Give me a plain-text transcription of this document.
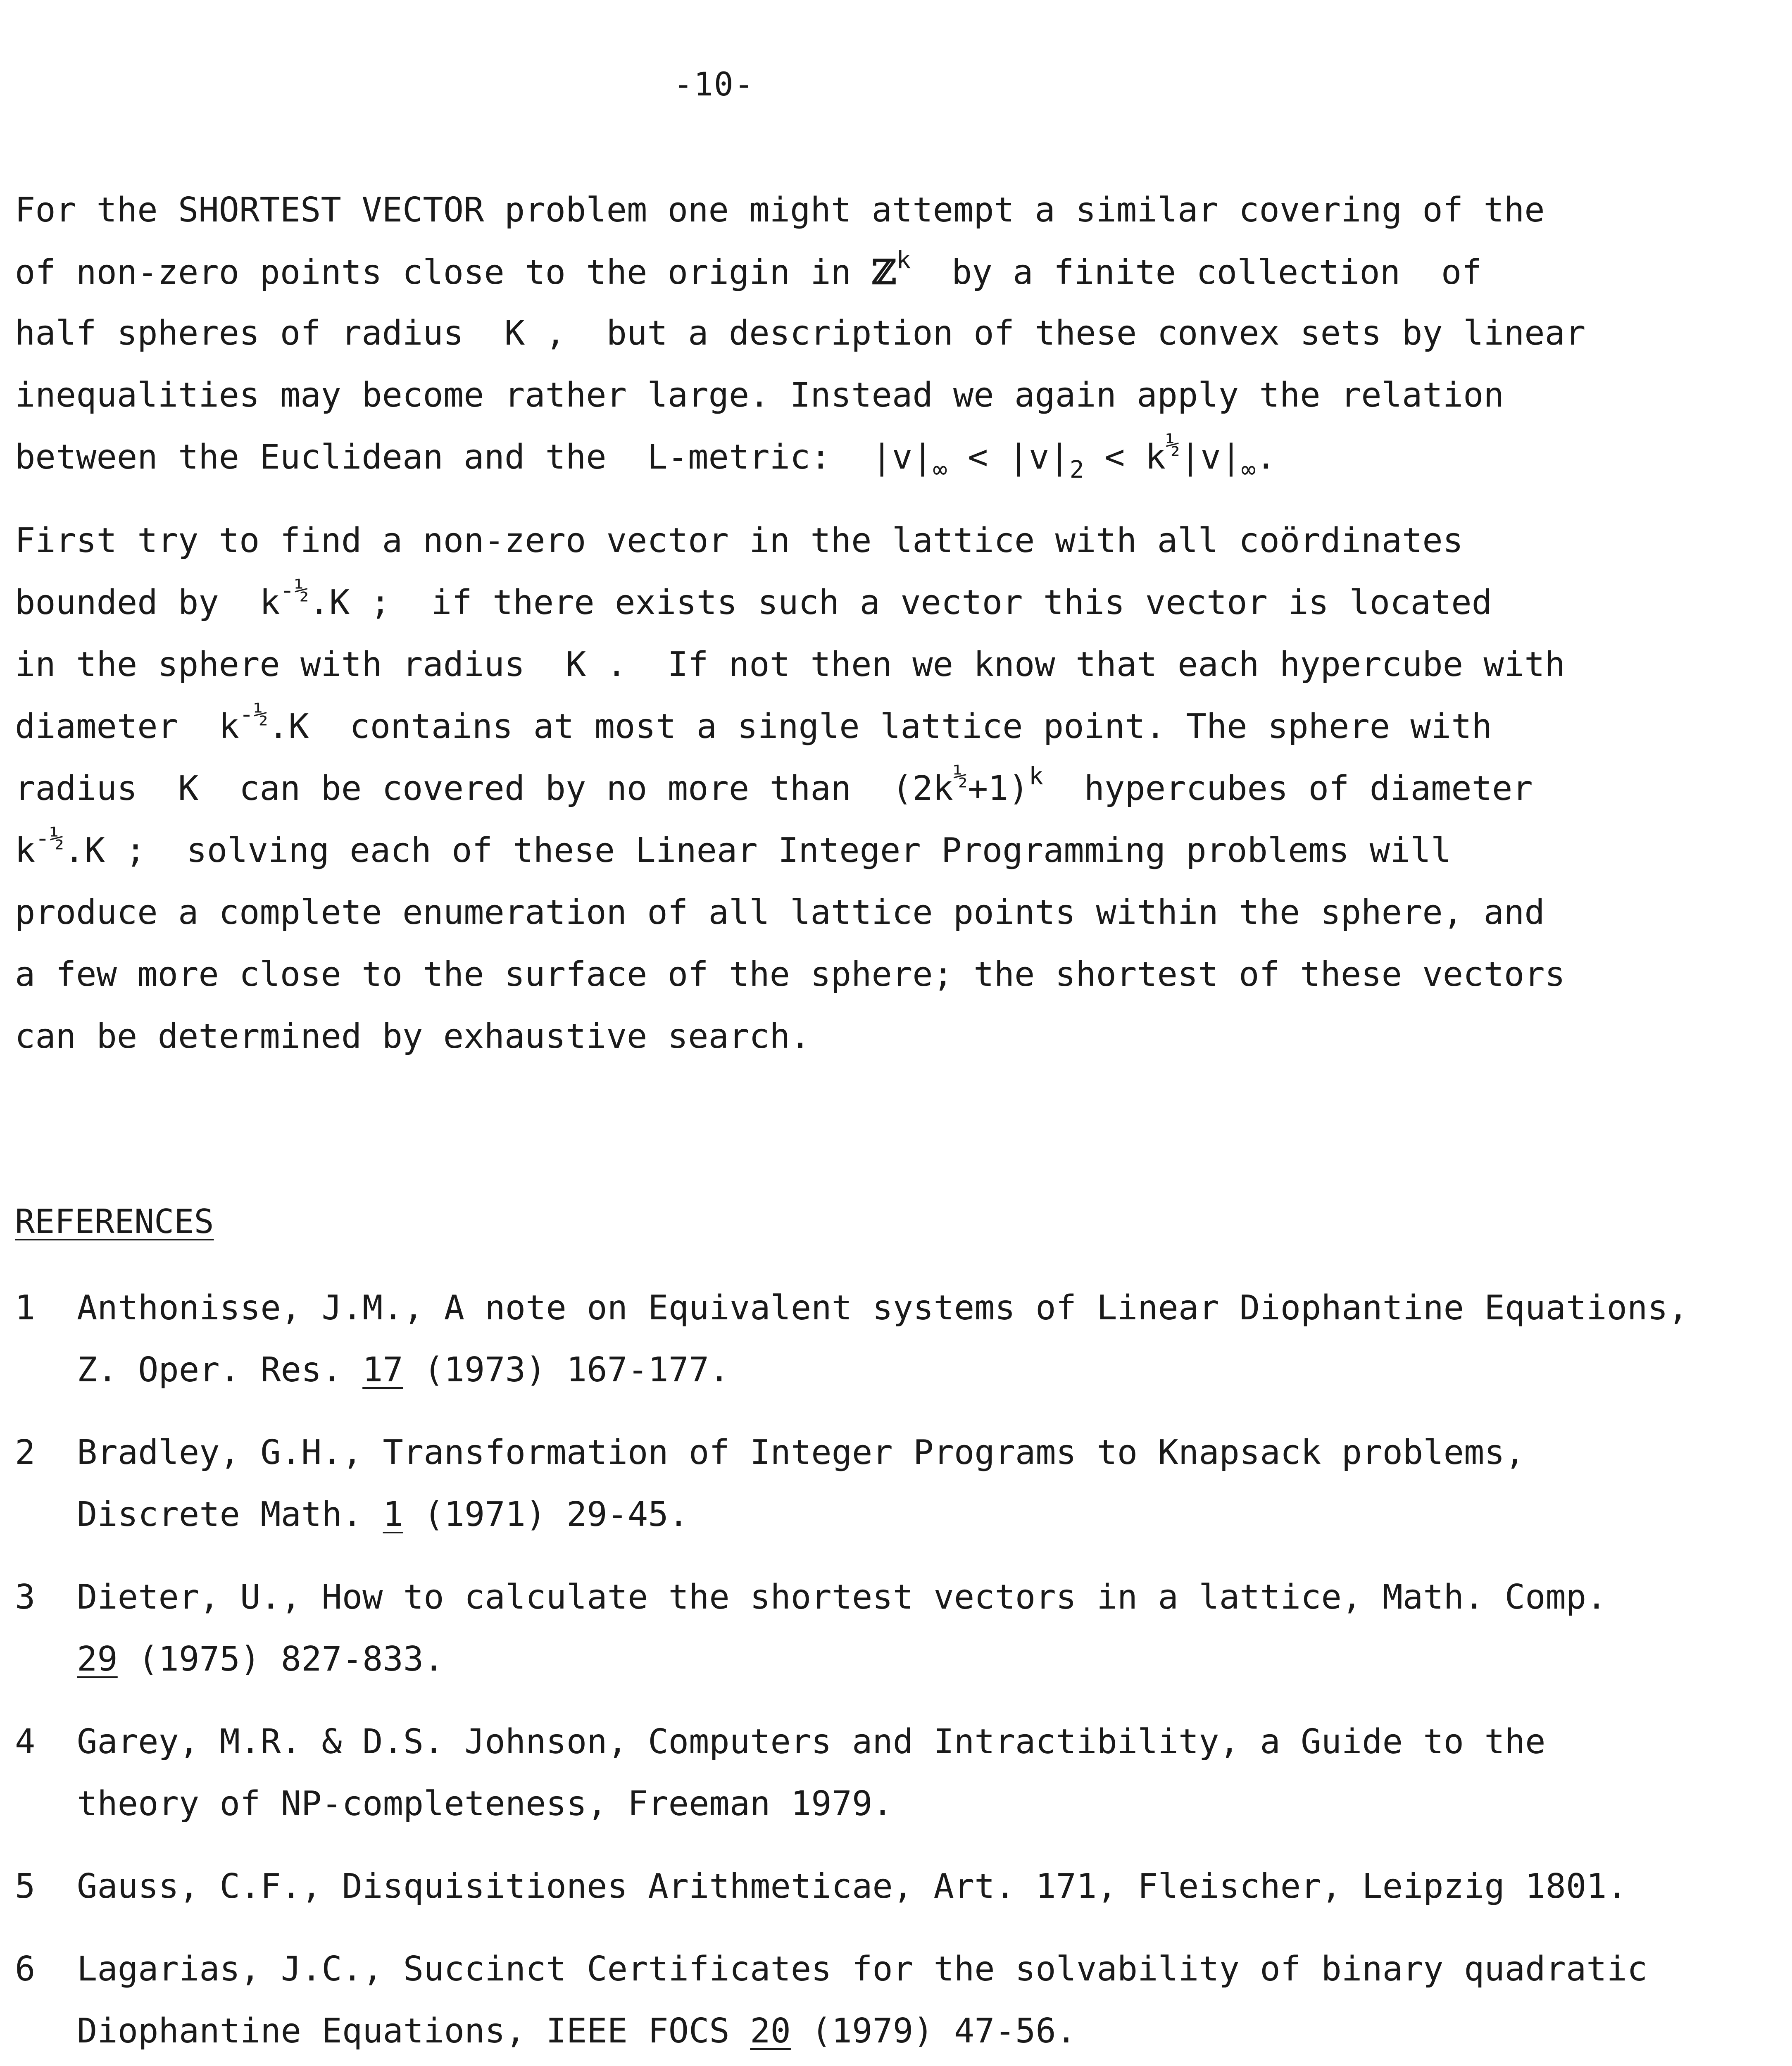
-10-
For the SHORTEST VECTOR problem one might attempt a similar covering of the
of non-zero points close to the origin in ℤ$^k$  by a finite collection  of
half spheres of radius  K ,  but a description of these convex sets by linear
inequalities may become rather large. Instead we again apply the relation
between the Euclidean and the  L-metric:  $|v|_\infty < |v|_2 < k^{\frac{1}{2}}|v|_\infty$.
First try to find a non-zero vector in the lattice with all coördinates
bounded by  $k^{-\frac{1}{2}}.K$ ;  if there exists such a vector this vector is located
in the sphere with radius  K .  If not then we know that each hypercube with
diameter  $k^{-\frac{1}{2}}.K$  contains at most a single lattice point. The sphere with
radius  K  can be covered by no more than  $(2k^{\frac{1}{2}}+1)^k$  hypercubes of diameter
$k^{-\frac{1}{2}}.K$ ;  solving each of these Linear Integer Programming problems will
produce a complete enumeration of all lattice points within the sphere, and
a few more close to the surface of the sphere; the shortest of these vectors
can be determined by exhaustive search.
REFERENCES
1 Anthonisse, J.M., A note on Equivalent systems of Linear Diophantine Equations,
Z. Oper. Res. 17 (1973) 167-177.
2 Bradley, G.H., Transformation of Integer Programs to Knapsack problems,
Discrete Math. 1 (1971) 29-45.
3 Dieter, U., How to calculate the shortest vectors in a lattice, Math. Comp.
29 (1975) 827-833.
4 Garey, M.R. & D.S. Johnson, Computers and Intractibility, a Guide to the
theory of NP-completeness, Freeman 1979.
5 Gauss, C.F., Disquisitiones Arithmeticae, Art. 171, Fleischer, Leipzig 1801.
6 Lagarias, J.C., Succinct Certificates for the solvability of binary quadratic
Diophantine Equations, IEEE FOCS 20 (1979) 47-56.
